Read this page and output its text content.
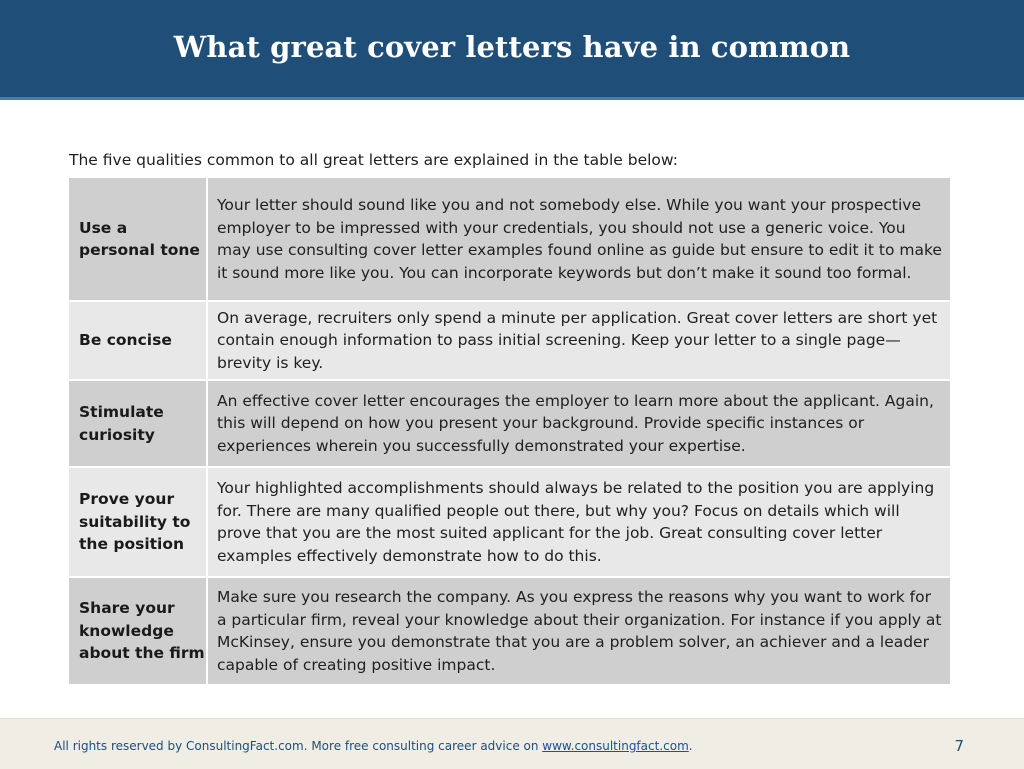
What great cover letters have in common
The five qualities common to all great letters are explained in the table below:
Use a personal tone	Your letter should sound like you and not somebody else. While you want your prospective employer to be impressed with your credentials, you should not use a generic voice. You may use consulting cover letter examples found online as guide but ensure to edit it to make it sound more like you. You can incorporate keywords but don’t make it sound too formal.
Be concise	On average, recruiters only spend a minute per application. Great cover letters are short yet contain enough information to pass initial screening. Keep your letter to a single page—brevity is key.
Stimulate curiosity	An effective cover letter encourages the employer to learn more about the applicant. Again, this will depend on how you present your background. Provide specific instances or experiences wherein you successfully demonstrated your expertise.
Prove your suitability to the position	Your highlighted accomplishments should always be related to the position you are applying for. There are many qualified people out there, but why you? Focus on details which will prove that you are the most suited applicant for the job. Great consulting cover letter examples effectively demonstrate how to do this.
Share your knowledge about the firm	Make sure you research the company. As you express the reasons why you want to work for a particular firm, reveal your knowledge about their organization. For instance if you apply at McKinsey, ensure you demonstrate that you are a problem solver, an achiever and a leader capable of creating positive impact.
All rights reserved by ConsultingFact.com. More free consulting career advice on www.consultingfact.com.	7
